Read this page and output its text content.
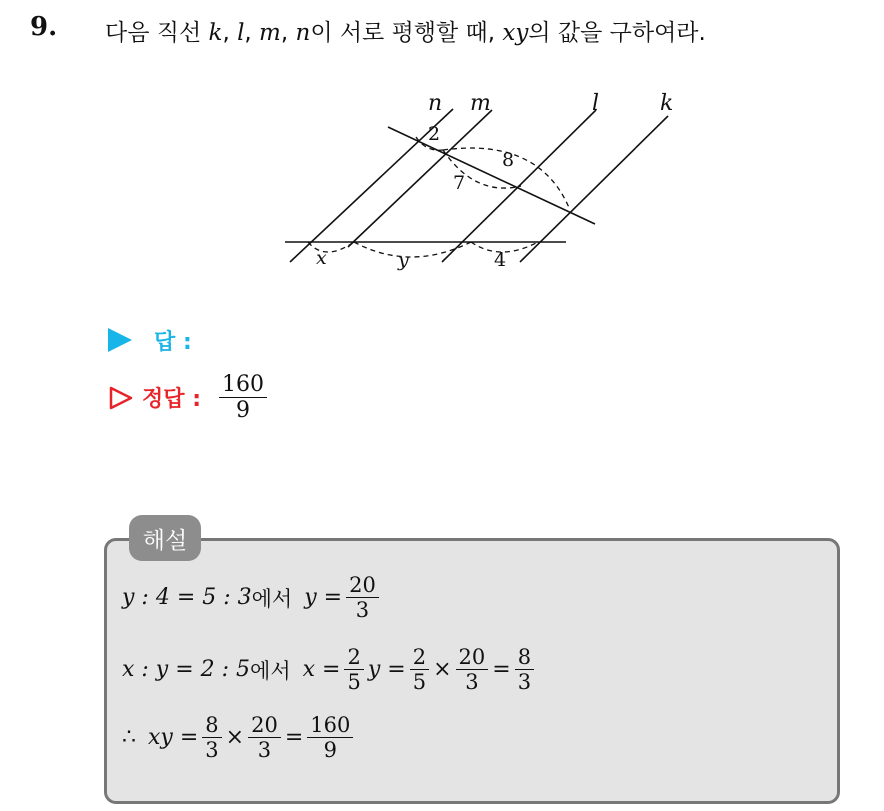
9. 다음 직선 k, l, m, n이 서로 평행할 때, xy의 값을 구하여라.
n m	l	k
2
8
7
x	y	4
답 :
정답 : $\frac{160}{9}$
해설
y : 4 = 5 : 3 에서 $y = \frac{20}{3}$
x : y = 2 : 5 에서 $x = \frac{2}{5}$ $y = \frac{2}{5} \times \frac{20}{3} = \frac{8}{3}$
∴ xy = $\frac{8}{3} \times \frac{20}{3} = \frac{160}{9}$
